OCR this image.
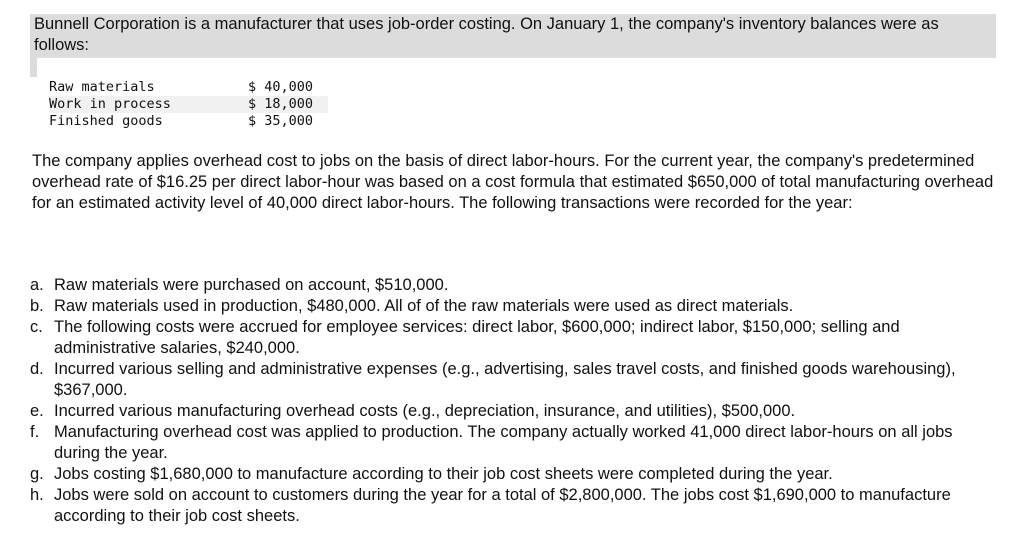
Bunnell Corporation is a manufacturer that uses job-order costing. On January 1, the company's inventory balances were as follows:
Raw materials	$ 40,000
Work in process	$ 18,000
Finished goods	$ 35,000
The company applies overhead cost to jobs on the basis of direct labor-hours. For the current year, the company's predetermined overhead rate of $16.25 per direct labor-hour was based on a cost formula that estimated $650,000 of total manufacturing overhead for an estimated activity level of 40,000 direct labor-hours. The following transactions were recorded for the year:
a. Raw materials were purchased on account, $510,000.
b. Raw materials used in production, $480,000. All of of the raw materials were used as direct materials.
c. The following costs were accrued for employee services: direct labor, $600,000; indirect labor, $150,000; selling and administrative salaries, $240,000.
d. Incurred various selling and administrative expenses (e.g., advertising, sales travel costs, and finished goods warehousing), $367,000.
e. Incurred various manufacturing overhead costs (e.g., depreciation, insurance, and utilities), $500,000.
f. Manufacturing overhead cost was applied to production. The company actually worked 41,000 direct labor-hours on all jobs during the year.
g. Jobs costing $1,680,000 to manufacture according to their job cost sheets were completed during the year.
h. Jobs were sold on account to customers during the year for a total of $2,800,000. The jobs cost $1,690,000 to manufacture according to their job cost sheets.
